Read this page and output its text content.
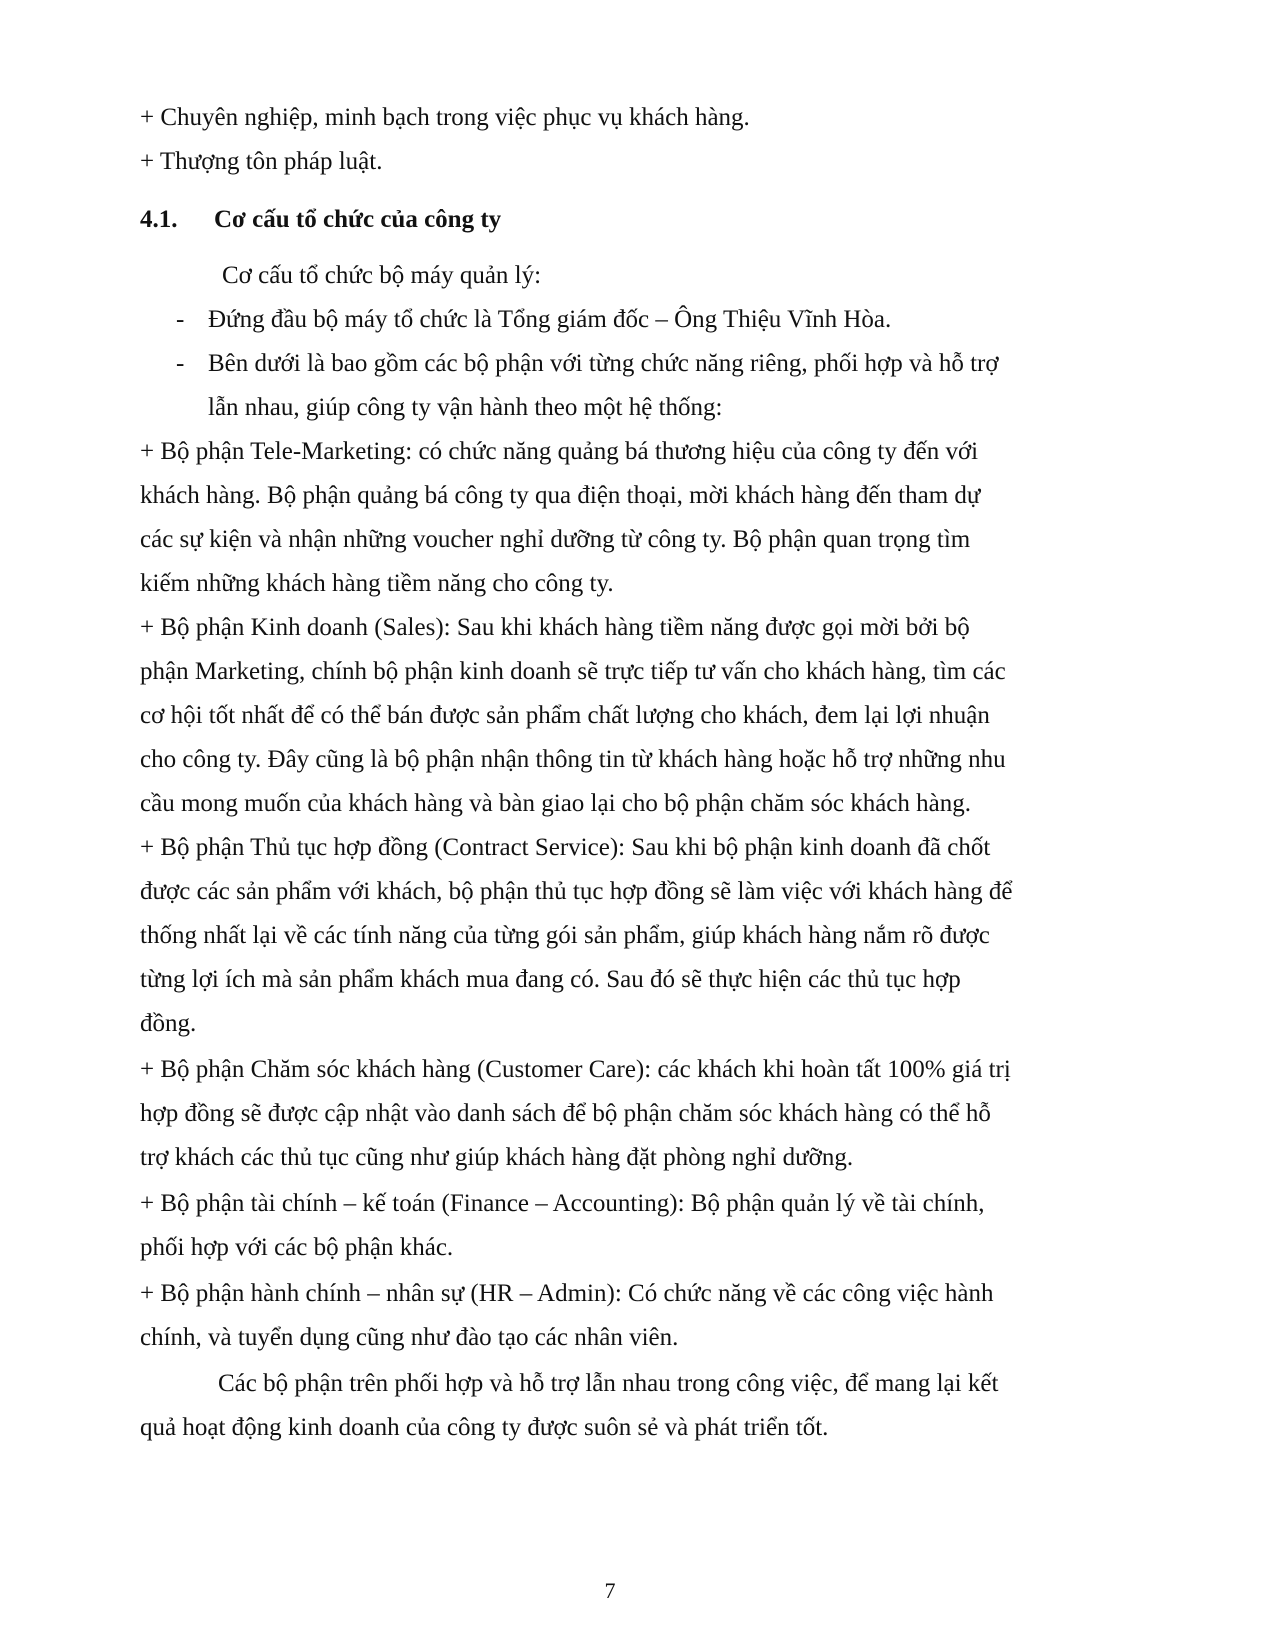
+ Chuyên nghiệp, minh bạch trong việc phục vụ khách hàng.
+ Thượng tôn pháp luật.
4.1. Cơ cấu tổ chức của công ty
Cơ cấu tổ chức bộ máy quản lý:
- Đứng đầu bộ máy tổ chức là Tổng giám đốc – Ông Thiệu Vĩnh Hòa.
- Bên dưới là bao gồm các bộ phận với từng chức năng riêng, phối hợp và hỗ trợ
lẫn nhau, giúp công ty vận hành theo một hệ thống:
+ Bộ phận Tele-Marketing: có chức năng quảng bá thương hiệu của công ty đến với
khách hàng. Bộ phận quảng bá công ty qua điện thoại, mời khách hàng đến tham dự
các sự kiện và nhận những voucher nghỉ dưỡng từ công ty. Bộ phận quan trọng tìm
kiếm những khách hàng tiềm năng cho công ty.
+ Bộ phận Kinh doanh (Sales): Sau khi khách hàng tiềm năng được gọi mời bởi bộ
phận Marketing, chính bộ phận kinh doanh sẽ trực tiếp tư vấn cho khách hàng, tìm các
cơ hội tốt nhất để có thể bán được sản phẩm chất lượng cho khách, đem lại lợi nhuận
cho công ty. Đây cũng là bộ phận nhận thông tin từ khách hàng hoặc hỗ trợ những nhu
cầu mong muốn của khách hàng và bàn giao lại cho bộ phận chăm sóc khách hàng.
+ Bộ phận Thủ tục hợp đồng (Contract Service): Sau khi bộ phận kinh doanh đã chốt
được các sản phẩm với khách, bộ phận thủ tục hợp đồng sẽ làm việc với khách hàng để
thống nhất lại về các tính năng của từng gói sản phẩm, giúp khách hàng nắm rõ được
từng lợi ích mà sản phẩm khách mua đang có. Sau đó sẽ thực hiện các thủ tục hợp
đồng.
+ Bộ phận Chăm sóc khách hàng (Customer Care): các khách khi hoàn tất 100% giá trị
hợp đồng sẽ được cập nhật vào danh sách để bộ phận chăm sóc khách hàng có thể hỗ
trợ khách các thủ tục cũng như giúp khách hàng đặt phòng nghỉ dưỡng.
+ Bộ phận tài chính – kế toán (Finance – Accounting): Bộ phận quản lý về tài chính,
phối hợp với các bộ phận khác.
+ Bộ phận hành chính – nhân sự (HR – Admin): Có chức năng về các công việc hành
chính, và tuyển dụng cũng như đào tạo các nhân viên.
Các bộ phận trên phối hợp và hỗ trợ lẫn nhau trong công việc, để mang lại kết
quả hoạt động kinh doanh của công ty được suôn sẻ và phát triển tốt.
7
